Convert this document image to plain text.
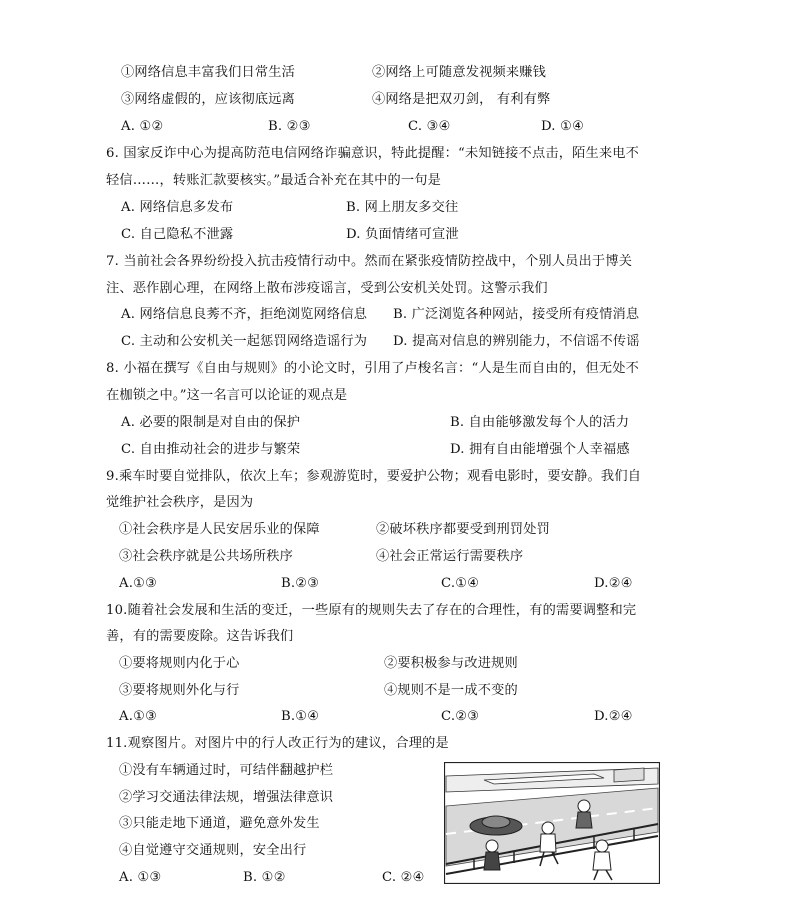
①网络信息丰富我们日常生活	②网络上可随意发视频来赚钱
③网络虚假的，应该彻底远离	④网络是把双刃剑， 有利有弊
A. ①②	B. ②③	C. ③④	D. ①④
6. 国家反诈中心为提高防范电信网络诈骗意识，特此提醒：“未知链接不点击，陌生来电不
轻信……，转账汇款要核实。”最适合补充在其中的一句是
A. 网络信息多发布	B. 网上朋友多交往
C. 自己隐私不泄露	D. 负面情绪可宣泄
7. 当前社会各界纷纷投入抗击疫情行动中。然而在紧张疫情防控战中，个别人员出于博关
注、恶作剧心理，在网络上散布涉疫谣言，受到公安机关处罚。这警示我们
A. 网络信息良莠不齐，拒绝浏览网络信息 B. 广泛浏览各种网站，接受所有疫情消息
C. 主动和公安机关一起惩罚网络造谣行为 D. 提高对信息的辨别能力，不信谣不传谣
8. 小福在撰写《自由与规则》的小论文时，引用了卢梭名言：“人是生而自由的，但无处不
在枷锁之中。”这一名言可以论证的观点是
A. 必要的限制是对自由的保护	B. 自由能够激发每个人的活力
C. 自由推动社会的进步与繁荣	D. 拥有自由能增强个人幸福感
9.乘车时要自觉排队，依次上车；参观游览时，要爱护公物；观看电影时，要安静。我们自
觉维护社会秩序，是因为
①社会秩序是人民安居乐业的保障	②破坏秩序都要受到刑罚处罚
③社会秩序就是公共场所秩序	④社会正常运行需要秩序
A.①③	B.②③	C.①④	D.②④
10.随着社会发展和生活的变迁，一些原有的规则失去了存在的合理性，有的需要调整和完
善，有的需要废除。这告诉我们
①要将规则内化于心	②要积极参与改进规则
③要将规则外化与行	④规则不是一成不变的
A.①③	B.①④	C.②③	D.②④
11.观察图片。对图片中的行人改正行为的建议，合理的是
①没有车辆通过时，可结伴翻越护栏
②学习交通法律法规，增强法律意识
③只能走地下通道，避免意外发生
④自觉遵守交通规则，安全出行
A. ①③	B. ①②	C. ②④
